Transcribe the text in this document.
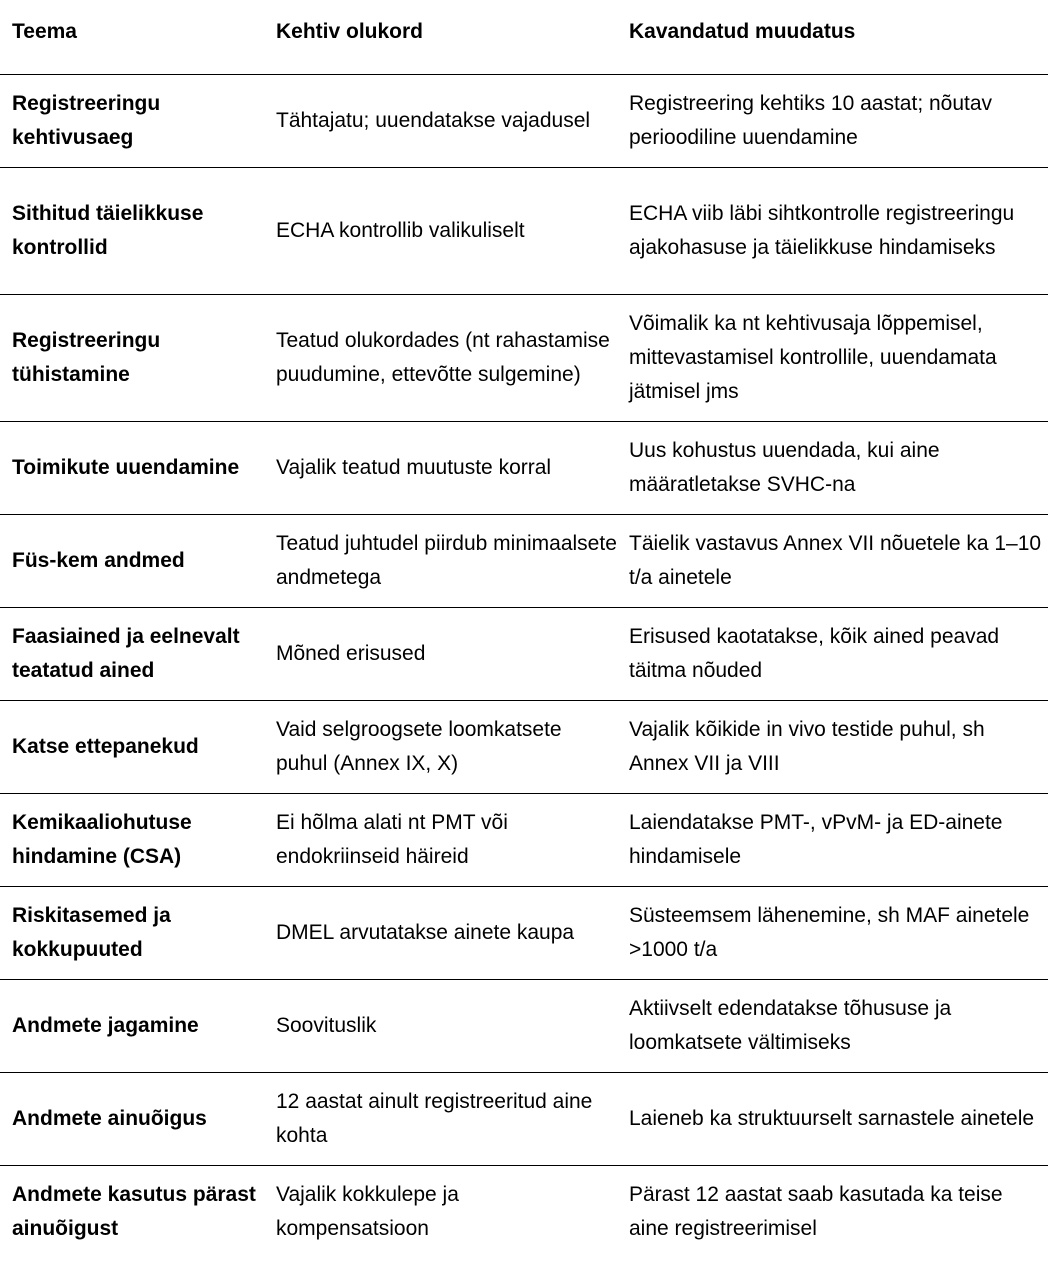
Teema	Kehtiv olukord	Kavandatud muudatus
Registreeringu kehtivusaeg	Tähtajatu; uuendatakse vajadusel	Registreering kehtiks 10 aastat; nõutav perioodiline uuendamine
Sithitud täielikkuse kontrollid	ECHA kontrollib valikuliselt	ECHA viib läbi sihtkontrolle registreeringu ajakohasuse ja täielikkuse hindamiseks
Registreeringu tühistamine	Teatud olukordades (nt rahastamise puudumine, ettevõtte sulgemine)	Võimalik ka nt kehtivusaja lõppemisel, mittevastamisel kontrollile, uuendamata jätmisel jms
Toimikute uuendamine	Vajalik teatud muutuste korral	Uus kohustus uuendada, kui aine määratletakse SVHC-na
Füs-kem andmed	Teatud juhtudel piirdub minimaalsete andmetega	Täielik vastavus Annex VII nõuetele ka 1–10 t/a ainetele
Faasiained ja eelnevalt teatatud ained	Mõned erisused	Erisused kaotatakse, kõik ained peavad täitma nõuded
Katse ettepanekud	Vaid selgroogsete loomkatsete puhul (Annex IX, X)	Vajalik kõikide in vivo testide puhul, sh Annex VII ja VIII
Kemikaaliohutuse hindamine (CSA)	Ei hõlma alati nt PMT või endokriinseid häireid	Laiendatakse PMT-, vPvM- ja ED-ainete hindamisele
Riskitasemed ja kokkupuuted	DMEL arvutatakse ainete kaupa	Süsteemsem lähenemine, sh MAF ainetele >1000 t/a
Andmete jagamine	Soovituslik	Aktiivselt edendatakse tõhususe ja loomkatsete vältimiseks
Andmete ainuõigus	12 aastat ainult registreeritud aine kohta	Laieneb ka struktuurselt sarnastele ainetele
Andmete kasutus pärast ainuõigust	Vajalik kokkulepe ja kompensatsioon	Pärast 12 aastat saab kasutada ka teise aine registreerimisel
